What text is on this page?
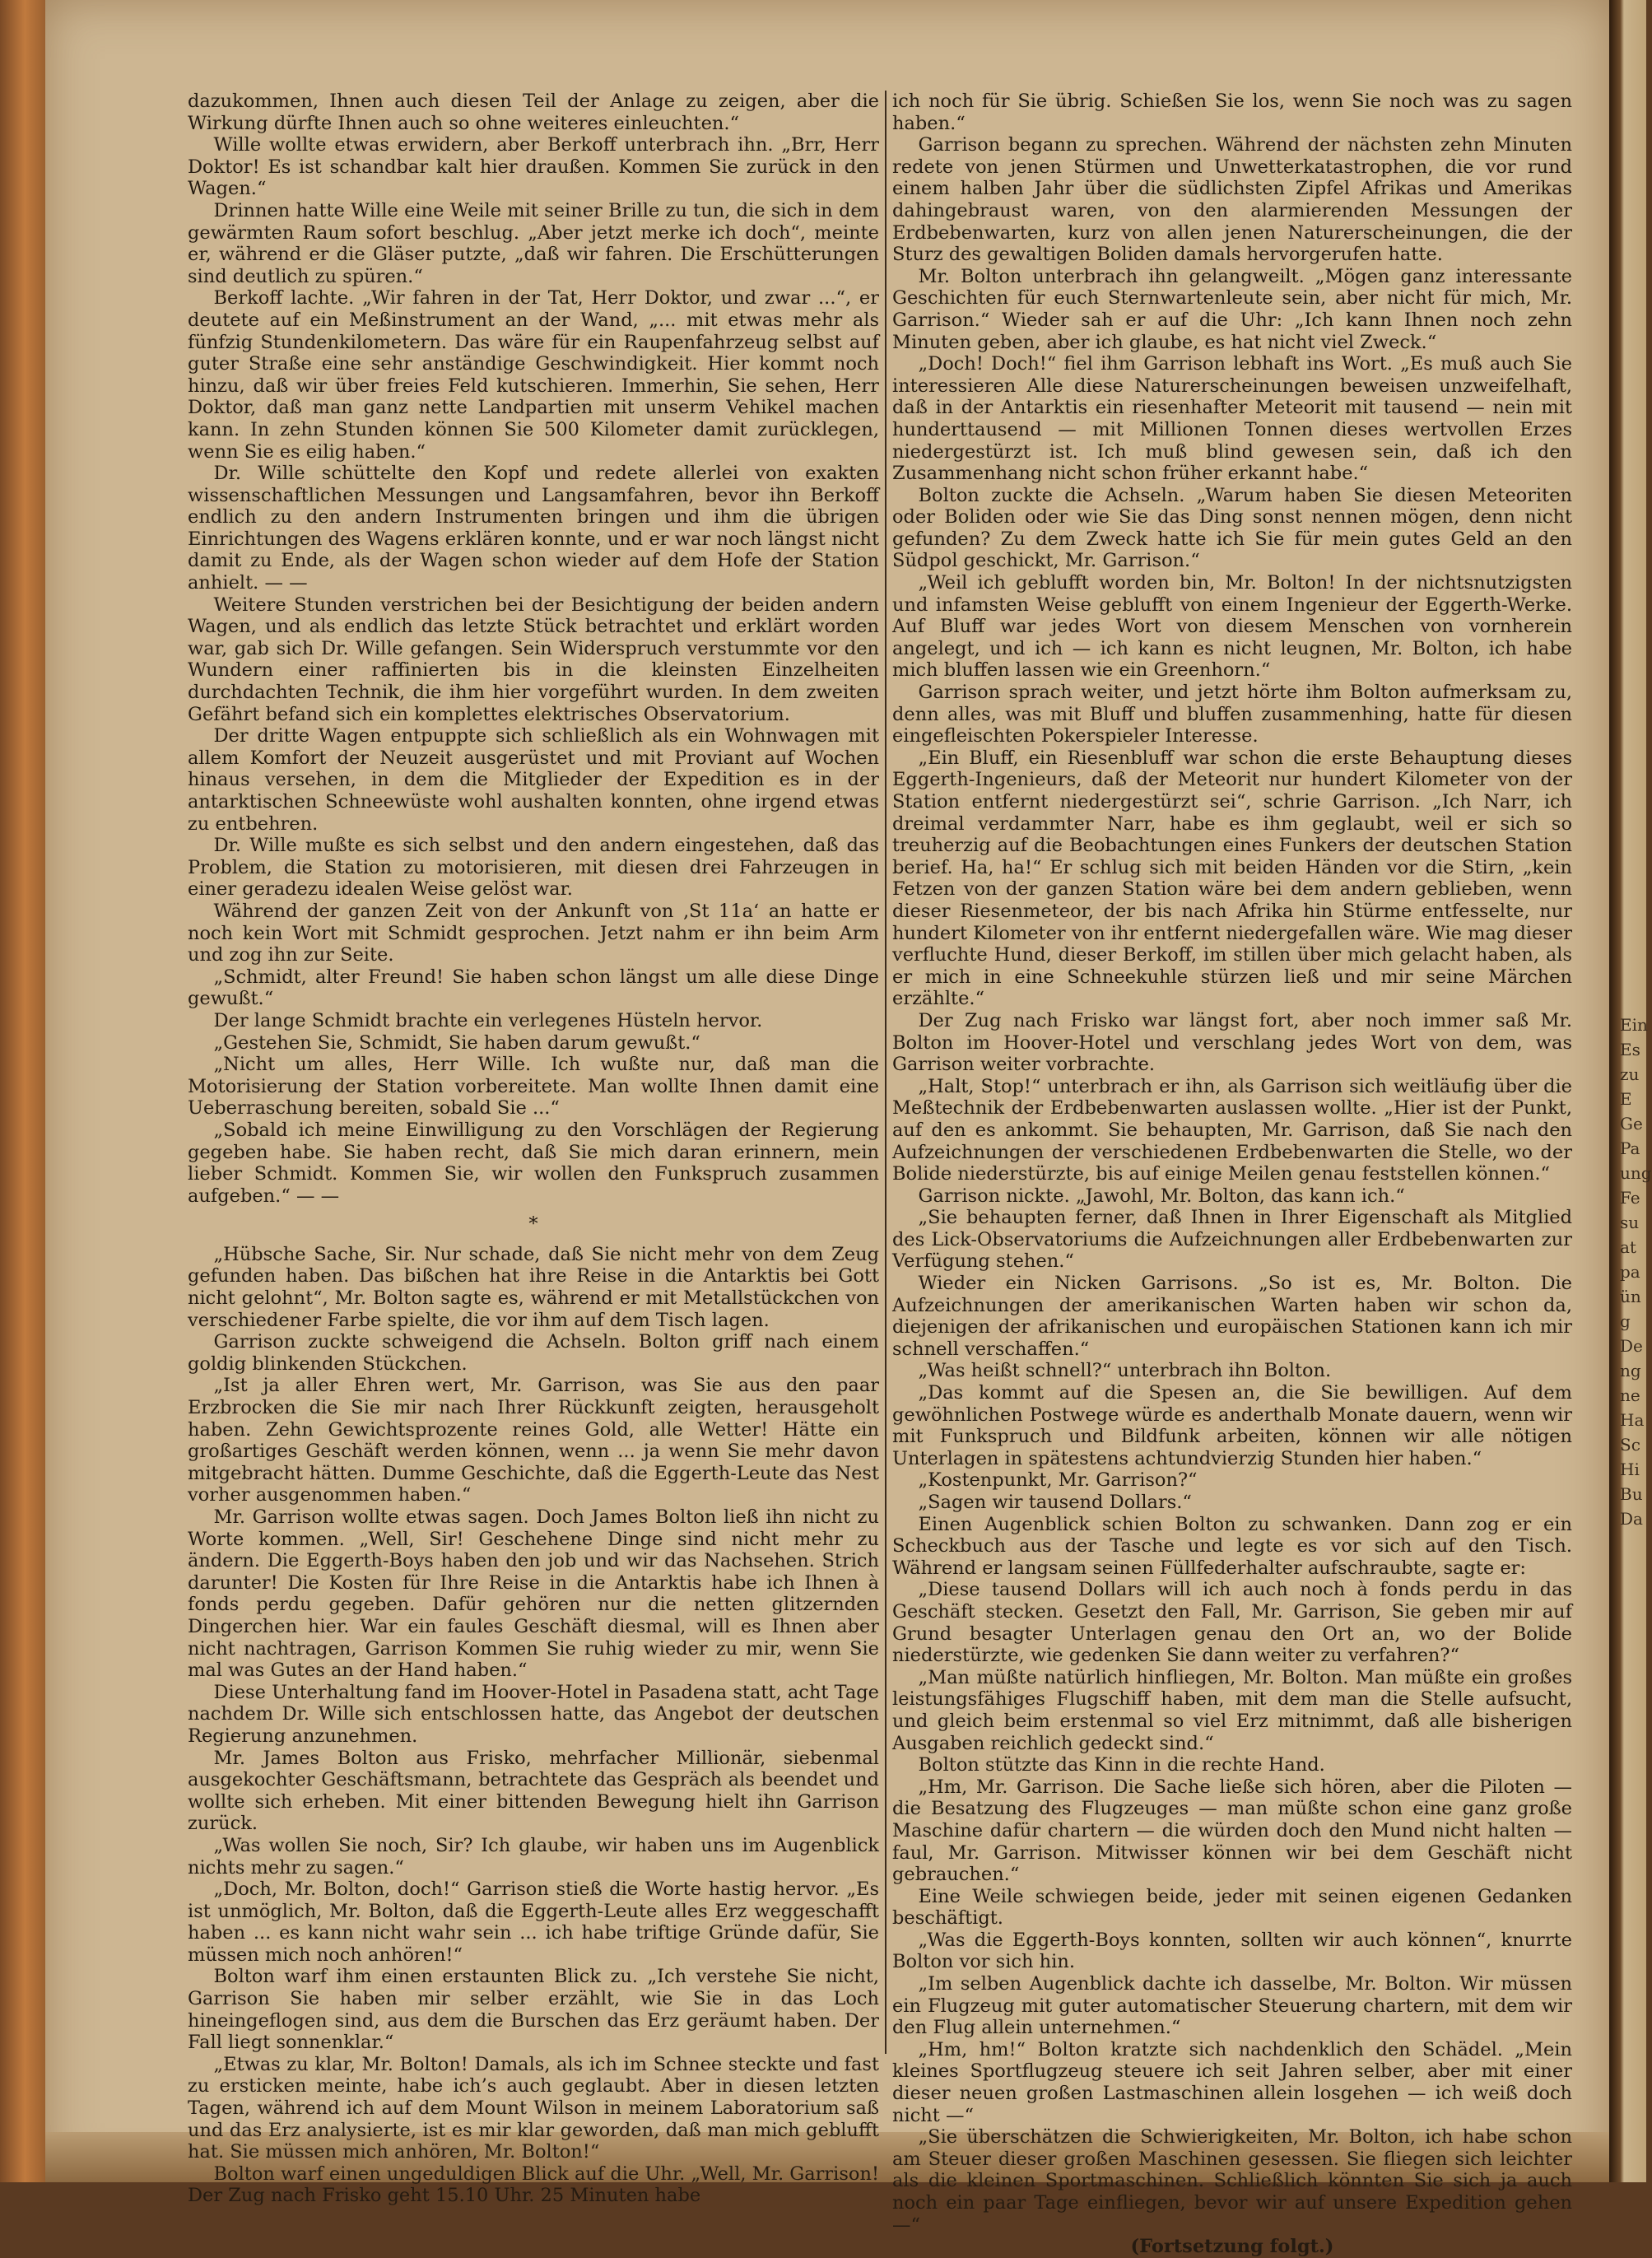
Ein
Es
zu
E
Ge
Pa
ung
Fe
su
at
pa
ün
g
De
ng
ne
Ha
Sc
Hi
Bu
Da

dazukommen, Ihnen auch diesen Teil der Anlage zu zeigen, aber die Wirkung dürfte Ihnen auch so ohne weiteres einleuchten.“

Wille wollte etwas erwidern, aber Berkoff unterbrach ihn. „Brr, Herr Doktor! Es ist schandbar kalt hier draußen. Kommen Sie zurück in den Wagen.“

Drinnen hatte Wille eine Weile mit seiner Brille zu tun, die sich in dem gewärmten Raum sofort beschlug. „Aber jetzt merke ich doch“, meinte er, während er die Gläser putzte, „daß wir fahren. Die Erschütterungen sind deutlich zu spüren.“

Berkoff lachte. „Wir fahren in der Tat, Herr Doktor, und zwar ...“, er deutete auf ein Meßinstrument an der Wand, „... mit etwas mehr als fünfzig Stundenkilometern. Das wäre für ein Raupenfahrzeug selbst auf guter Straße eine sehr anständige Geschwindigkeit. Hier kommt noch hinzu, daß wir über freies Feld kutschieren. Immerhin, Sie sehen, Herr Doktor, daß man ganz nette Landpartien mit unserm Vehikel machen kann. In zehn Stunden können Sie 500 Kilometer damit zurücklegen, wenn Sie es eilig haben.“

Dr. Wille schüttelte den Kopf und redete allerlei von exakten wissenschaftlichen Messungen und Langsamfahren, bevor ihn Berkoff endlich zu den andern Instrumenten bringen und ihm die übrigen Einrichtungen des Wagens erklären konnte, und er war noch längst nicht damit zu Ende, als der Wagen schon wieder auf dem Hofe der Station anhielt. — —

Weitere Stunden verstrichen bei der Besichtigung der beiden andern Wagen, und als endlich das letzte Stück betrachtet und erklärt worden war, gab sich Dr. Wille gefangen. Sein Widerspruch verstummte vor den Wundern einer raffinierten bis in die kleinsten Einzelheiten durchdachten Technik, die ihm hier vorgeführt wurden. In dem zweiten Gefährt befand sich ein komplettes elektrisches Observatorium.

Der dritte Wagen entpuppte sich schließlich als ein Wohnwagen mit allem Komfort der Neuzeit ausgerüstet und mit Proviant auf Wochen hinaus versehen, in dem die Mitglieder der Expedition es in der antarktischen Schneewüste wohl aushalten konnten, ohne irgend etwas zu entbehren.

Dr. Wille mußte es sich selbst und den andern eingestehen, daß das Problem, die Station zu motorisieren, mit diesen drei Fahrzeugen in einer geradezu idealen Weise gelöst war.

Während der ganzen Zeit von der Ankunft von ‚St 11a‘ an hatte er noch kein Wort mit Schmidt gesprochen. Jetzt nahm er ihn beim Arm und zog ihn zur Seite.

„Schmidt, alter Freund! Sie haben schon längst um alle diese Dinge gewußt.“

Der lange Schmidt brachte ein verlegenes Hüsteln hervor.

„Gestehen Sie, Schmidt, Sie haben darum gewußt.“

„Nicht um alles, Herr Wille. Ich wußte nur, daß man die Motorisierung der Station vorbereitete. Man wollte Ihnen damit eine Ueberraschung bereiten, sobald Sie ...“

„Sobald ich meine Einwilligung zu den Vorschlägen der Regierung gegeben habe. Sie haben recht, daß Sie mich daran erinnern, mein lieber Schmidt. Kommen Sie, wir wollen den Funkspruch zusammen aufgeben.“ — —

*

„Hübsche Sache, Sir. Nur schade, daß Sie nicht mehr von dem Zeug gefunden haben. Das bißchen hat ihre Reise in die Antarktis bei Gott nicht gelohnt“, Mr. Bolton sagte es, während er mit Metallstückchen von verschiedener Farbe spielte, die vor ihm auf dem Tisch lagen.

Garrison zuckte schweigend die Achseln. Bolton griff nach einem goldig blinkenden Stückchen.

„Ist ja aller Ehren wert, Mr. Garrison, was Sie aus den paar Erzbrocken die Sie mir nach Ihrer Rückkunft zeigten, herausgeholt haben. Zehn Gewichtsprozente reines Gold, alle Wetter! Hätte ein großartiges Geschäft werden können, wenn ... ja wenn Sie mehr davon mitgebracht hätten. Dumme Geschichte, daß die Eggerth-Leute das Nest vorher ausgenommen haben.“

Mr. Garrison wollte etwas sagen. Doch James Bolton ließ ihn nicht zu Worte kommen. „Well, Sir! Geschehene Dinge sind nicht mehr zu ändern. Die Eggerth-Boys haben den job und wir das Nachsehen. Strich darunter! Die Kosten für Ihre Reise in die Antarktis habe ich Ihnen à fonds perdu gegeben. Dafür gehören nur die netten glitzernden Dingerchen hier. War ein faules Geschäft diesmal, will es Ihnen aber nicht nachtragen, Garrison Kommen Sie ruhig wieder zu mir, wenn Sie mal was Gutes an der Hand haben.“

Diese Unterhaltung fand im Hoover-Hotel in Pasadena statt, acht Tage nachdem Dr. Wille sich entschlossen hatte, das Angebot der deutschen Regierung anzunehmen.

Mr. James Bolton aus Frisko, mehrfacher Millionär, siebenmal ausgekochter Geschäftsmann, betrachtete das Gespräch als beendet und wollte sich erheben. Mit einer bittenden Bewegung hielt ihn Garrison zurück.

„Was wollen Sie noch, Sir? Ich glaube, wir haben uns im Augenblick nichts mehr zu sagen.“

„Doch, Mr. Bolton, doch!“ Garrison stieß die Worte hastig hervor. „Es ist unmöglich, Mr. Bolton, daß die Eggerth-Leute alles Erz weggeschafft haben ... es kann nicht wahr sein ... ich habe triftige Gründe dafür, Sie müssen mich noch anhören!“

Bolton warf ihm einen erstaunten Blick zu. „Ich verstehe Sie nicht, Garrison Sie haben mir selber erzählt, wie Sie in das Loch hineingeflogen sind, aus dem die Burschen das Erz geräumt haben. Der Fall liegt sonnenklar.“

„Etwas zu klar, Mr. Bolton! Damals, als ich im Schnee steckte und fast zu ersticken meinte, habe ich’s auch geglaubt. Aber in diesen letzten Tagen, während ich auf dem Mount Wilson in meinem Laboratorium saß und das Erz analysierte, ist es mir klar geworden, daß man mich geblufft hat. Sie müssen mich anhören, Mr. Bolton!“

Bolton warf einen ungeduldigen Blick auf die Uhr. „Well, Mr. Garrison! Der Zug nach Frisko geht 15.10 Uhr. 25 Minuten habe

ich noch für Sie übrig. Schießen Sie los, wenn Sie noch was zu sagen haben.“

Garrison begann zu sprechen. Während der nächsten zehn Minuten redete von jenen Stürmen und Unwetterkatastrophen, die vor rund einem halben Jahr über die südlichsten Zipfel Afrikas und Amerikas dahingebraust waren, von den alarmierenden Messungen der Erdbebenwarten, kurz von allen jenen Naturerscheinungen, die der Sturz des gewaltigen Boliden damals hervorgerufen hatte.

Mr. Bolton unterbrach ihn gelangweilt. „Mögen ganz interessante Geschichten für euch Sternwartenleute sein, aber nicht für mich, Mr. Garrison.“ Wieder sah er auf die Uhr: „Ich kann Ihnen noch zehn Minuten geben, aber ich glaube, es hat nicht viel Zweck.“

„Doch! Doch!“ fiel ihm Garrison lebhaft ins Wort. „Es muß auch Sie interessieren Alle diese Naturerscheinungen beweisen unzweifelhaft, daß in der Antarktis ein riesenhafter Meteorit mit tausend — nein mit hunderttausend — mit Millionen Tonnen dieses wertvollen Erzes niedergestürzt ist. Ich muß blind gewesen sein, daß ich den Zusammenhang nicht schon früher erkannt habe.“

Bolton zuckte die Achseln. „Warum haben Sie diesen Meteoriten oder Boliden oder wie Sie das Ding sonst nennen mögen, denn nicht gefunden? Zu dem Zweck hatte ich Sie für mein gutes Geld an den Südpol geschickt, Mr. Garrison.“

„Weil ich geblufft worden bin, Mr. Bolton! In der nichtsnutzigsten und infamsten Weise geblufft von einem Ingenieur der Eggerth-Werke. Auf Bluff war jedes Wort von diesem Menschen von vornherein angelegt, und ich — ich kann es nicht leugnen, Mr. Bolton, ich habe mich bluffen lassen wie ein Greenhorn.“

Garrison sprach weiter, und jetzt hörte ihm Bolton aufmerksam zu, denn alles, was mit Bluff und bluffen zusammenhing, hatte für diesen eingefleischten Pokerspieler Interesse.

„Ein Bluff, ein Riesenbluff war schon die erste Behauptung dieses Eggerth-Ingenieurs, daß der Meteorit nur hundert Kilometer von der Station entfernt niedergestürzt sei“, schrie Garrison. „Ich Narr, ich dreimal verdammter Narr, habe es ihm geglaubt, weil er sich so treuherzig auf die Beobachtungen eines Funkers der deutschen Station berief. Ha, ha!“ Er schlug sich mit beiden Händen vor die Stirn, „kein Fetzen von der ganzen Station wäre bei dem andern geblieben, wenn dieser Riesenmeteor, der bis nach Afrika hin Stürme entfesselte, nur hundert Kilometer von ihr entfernt niedergefallen wäre. Wie mag dieser verfluchte Hund, dieser Berkoff, im stillen über mich gelacht haben, als er mich in eine Schneekuhle stürzen ließ und mir seine Märchen erzählte.“

Der Zug nach Frisko war längst fort, aber noch immer saß Mr. Bolton im Hoover-Hotel und verschlang jedes Wort von dem, was Garrison weiter vorbrachte.

„Halt, Stop!“ unterbrach er ihn, als Garrison sich weitläufig über die Meßtechnik der Erdbebenwarten auslassen wollte. „Hier ist der Punkt, auf den es ankommt. Sie behaupten, Mr. Garrison, daß Sie nach den Aufzeichnungen der verschiedenen Erdbebenwarten die Stelle, wo der Bolide niederstürzte, bis auf einige Meilen genau feststellen können.“

Garrison nickte. „Jawohl, Mr. Bolton, das kann ich.“

„Sie behaupten ferner, daß Ihnen in Ihrer Eigenschaft als Mitglied des Lick-Observatoriums die Aufzeichnungen aller Erdbebenwarten zur Verfügung stehen.“

Wieder ein Nicken Garrisons. „So ist es, Mr. Bolton. Die Aufzeichnungen der amerikanischen Warten haben wir schon da, diejenigen der afrikanischen und europäischen Stationen kann ich mir schnell verschaffen.“

„Was heißt schnell?“ unterbrach ihn Bolton.

„Das kommt auf die Spesen an, die Sie bewilligen. Auf dem gewöhnlichen Postwege würde es anderthalb Monate dauern, wenn wir mit Funkspruch und Bildfunk arbeiten, können wir alle nötigen Unterlagen in spätestens achtundvierzig Stunden hier haben.“

„Kostenpunkt, Mr. Garrison?“

„Sagen wir tausend Dollars.“

Einen Augenblick schien Bolton zu schwanken. Dann zog er ein Scheckbuch aus der Tasche und legte es vor sich auf den Tisch. Während er langsam seinen Füllfederhalter aufschraubte, sagte er:

„Diese tausend Dollars will ich auch noch à fonds perdu in das Geschäft stecken. Gesetzt den Fall, Mr. Garrison, Sie geben mir auf Grund besagter Unterlagen genau den Ort an, wo der Bolide niederstürzte, wie gedenken Sie dann weiter zu verfahren?“

„Man müßte natürlich hinfliegen, Mr. Bolton. Man müßte ein großes leistungsfähiges Flugschiff haben, mit dem man die Stelle aufsucht, und gleich beim erstenmal so viel Erz mitnimmt, daß alle bisherigen Ausgaben reichlich gedeckt sind.“

Bolton stützte das Kinn in die rechte Hand.

„Hm, Mr. Garrison. Die Sache ließe sich hören, aber die Piloten — die Besatzung des Flugzeuges — man müßte schon eine ganz große Maschine dafür chartern — die würden doch den Mund nicht halten — faul, Mr. Garrison. Mitwisser können wir bei dem Geschäft nicht gebrauchen.“

Eine Weile schwiegen beide, jeder mit seinen eigenen Gedanken beschäftigt.

„Was die Eggerth-Boys konnten, sollten wir auch können“, knurrte Bolton vor sich hin.

„Im selben Augenblick dachte ich dasselbe, Mr. Bolton. Wir müssen ein Flugzeug mit guter automatischer Steuerung chartern, mit dem wir den Flug allein unternehmen.“

„Hm, hm!“ Bolton kratzte sich nachdenklich den Schädel. „Mein kleines Sportflugzeug steuere ich seit Jahren selber, aber mit einer dieser neuen großen Lastmaschinen allein losgehen — ich weiß doch nicht —“

„Sie überschätzen die Schwierigkeiten, Mr. Bolton, ich habe schon am Steuer dieser großen Maschinen gesessen. Sie fliegen sich leichter als die kleinen Sportmaschinen. Schließlich könnten Sie sich ja auch noch ein paar Tage einfliegen, bevor wir auf unsere Expedition gehen —“

(Fortsetzung folgt.)
